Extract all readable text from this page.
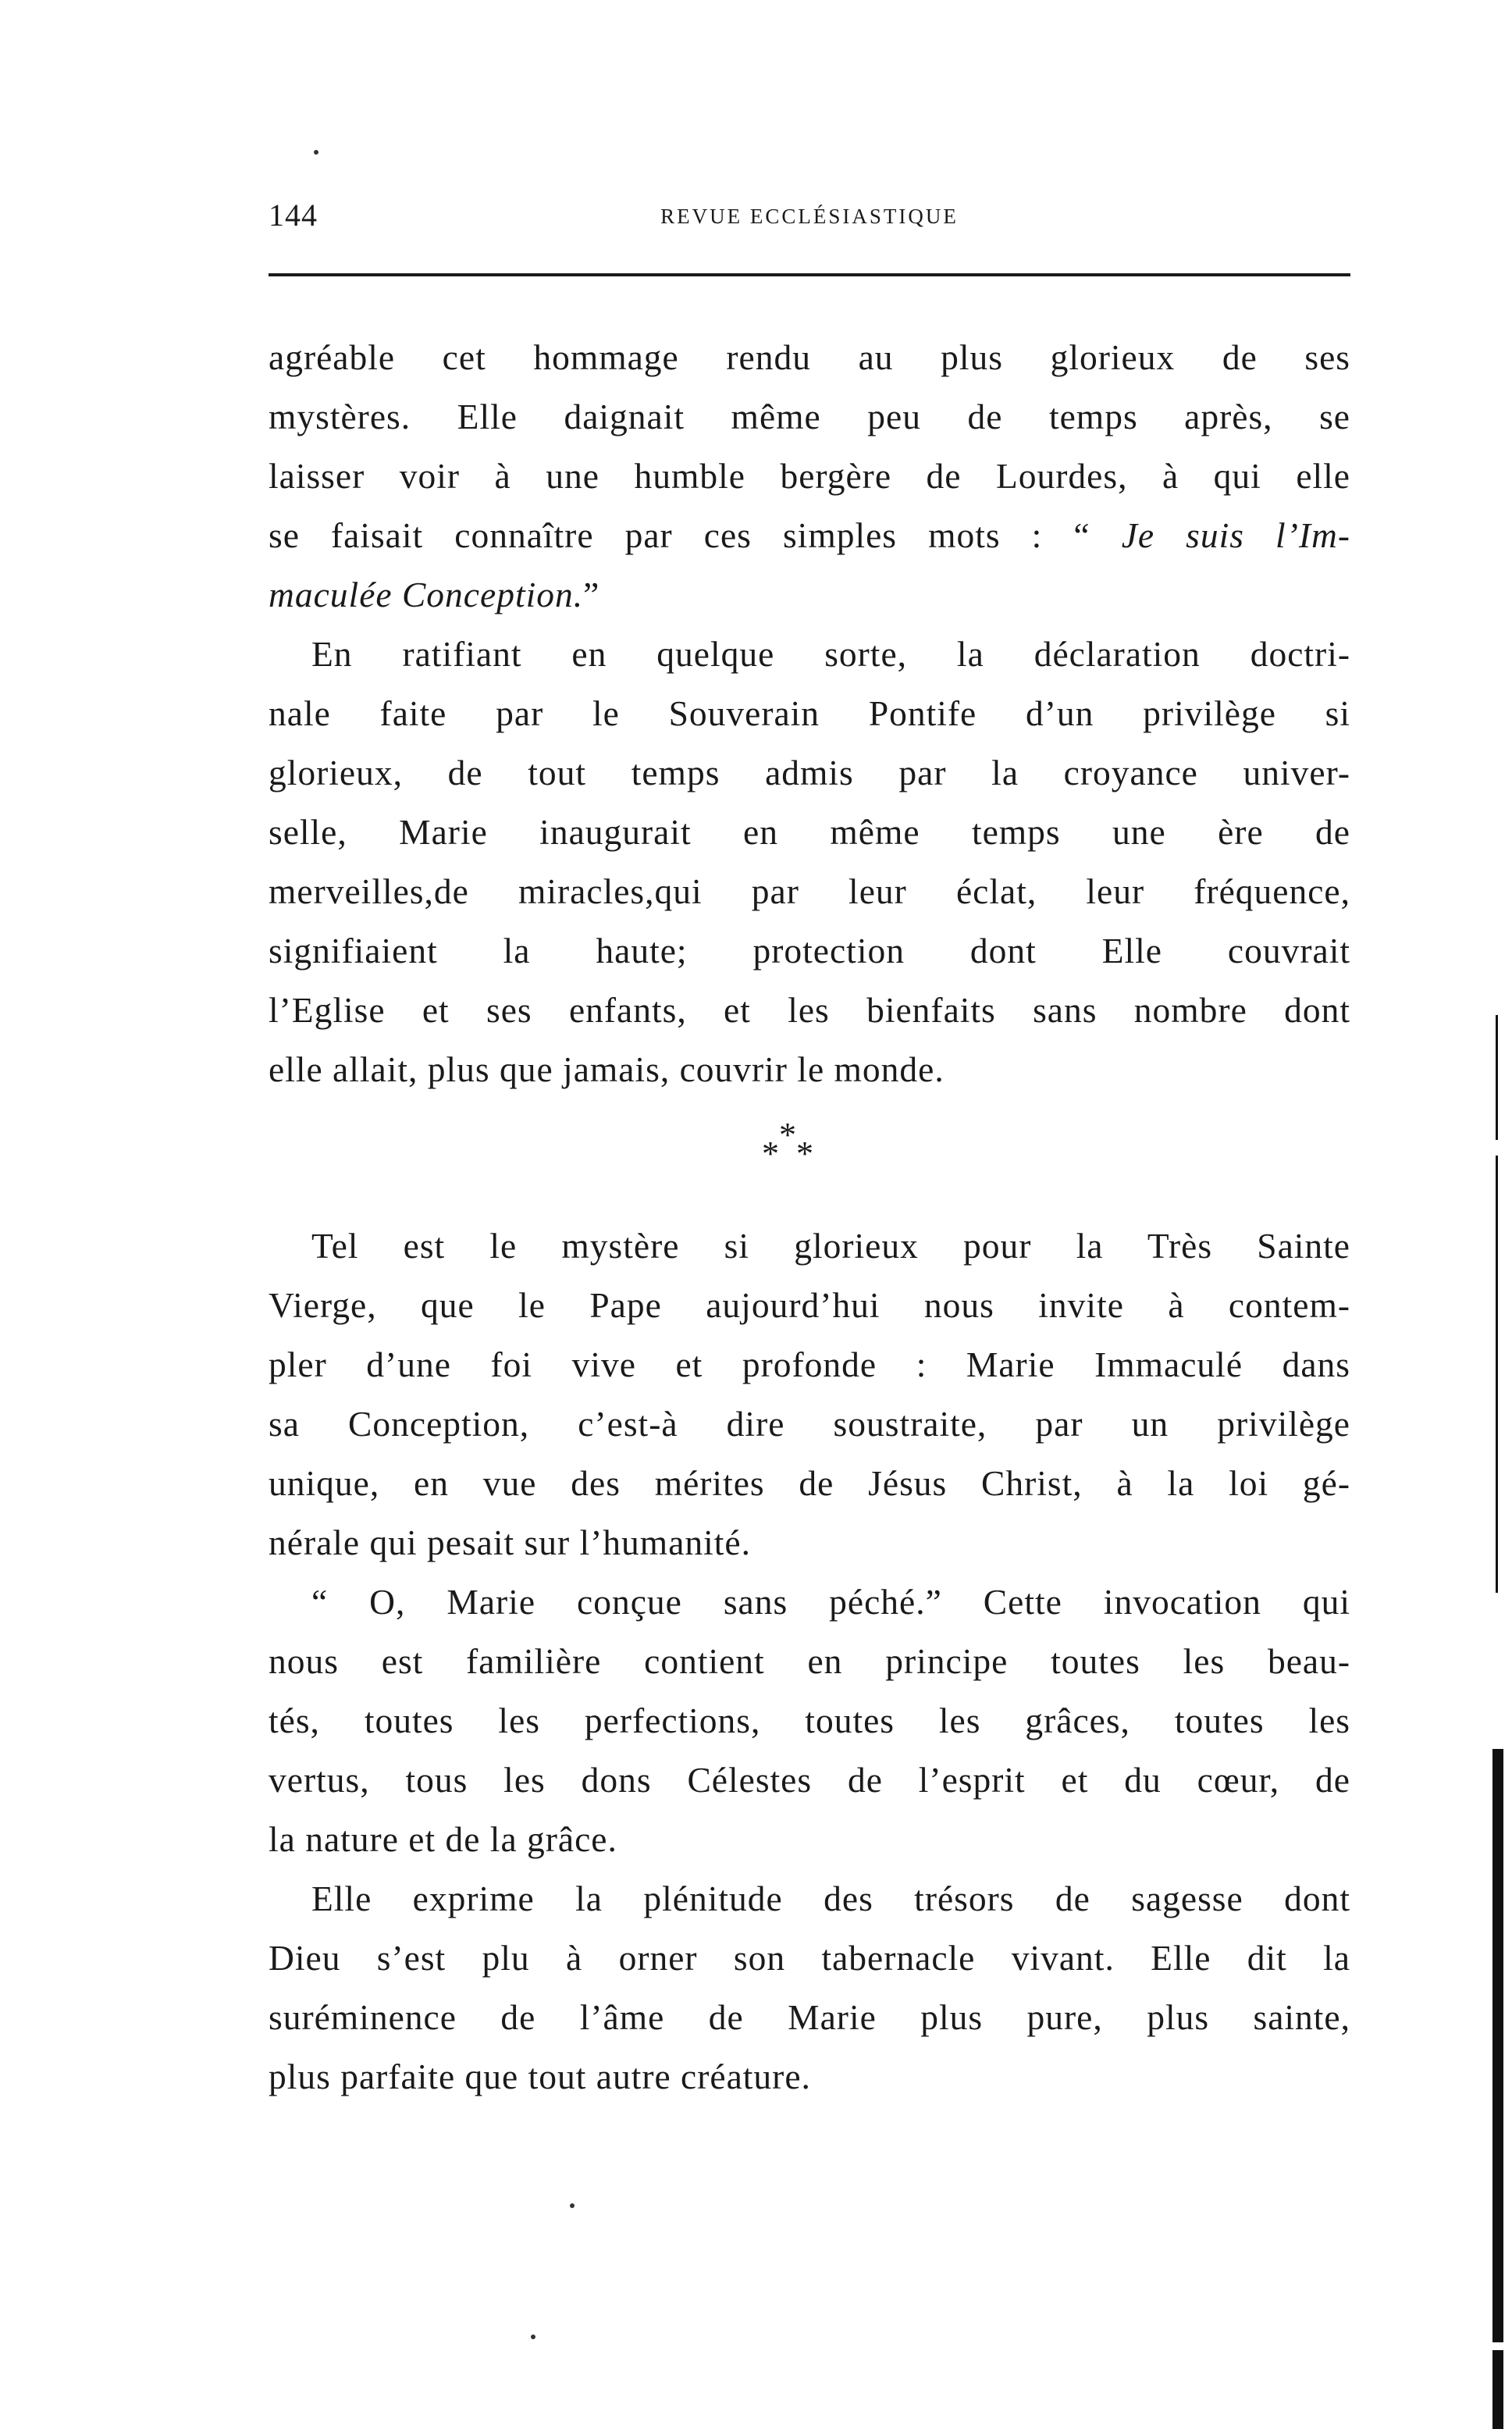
144	REVUE ECCLÉSIASTIQUE
agréable cet hommage rendu au plus glorieux de ses
mystères. Elle daignait même peu de temps après, se
laisser voir à une humble bergère de Lourdes, à qui elle
se faisait connaître par ces simples mots : “ Je suis l’Im-
maculée Conception.”
En ratifiant en quelque sorte, la déclaration doctri-
nale faite par le Souverain Pontife d’un privilège si
glorieux, de tout temps admis par la croyance univer-
selle, Marie inaugurait en même temps une ère de
merveilles,de miracles,qui par leur éclat, leur fréquence,
signifiaient la haute; protection dont Elle couvrait
l’Eglise et ses enfants, et les bienfaits sans nombre dont
elle allait, plus que jamais, couvrir le monde.
*
* *
Tel est le mystère si glorieux pour la Très Sainte
Vierge, que le Pape aujourd’hui nous invite à contem-
pler d’une foi vive et profonde : Marie Immaculé dans
sa Conception, c’est-à dire soustraite, par un privilège
unique, en vue des mérites de Jésus Christ, à la loi gé-
nérale qui pesait sur l’humanité.
“ O, Marie conçue sans péché.” Cette invocation qui
nous est familière contient en principe toutes les beau-
tés, toutes les perfections, toutes les grâces, toutes les
vertus, tous les dons Célestes de l’esprit et du cœur, de
la nature et de la grâce.
Elle exprime la plénitude des trésors de sagesse dont
Dieu s’est plu à orner son tabernacle vivant. Elle dit la
suréminence de l’âme de Marie plus pure, plus sainte,
plus parfaite que tout autre créature.
